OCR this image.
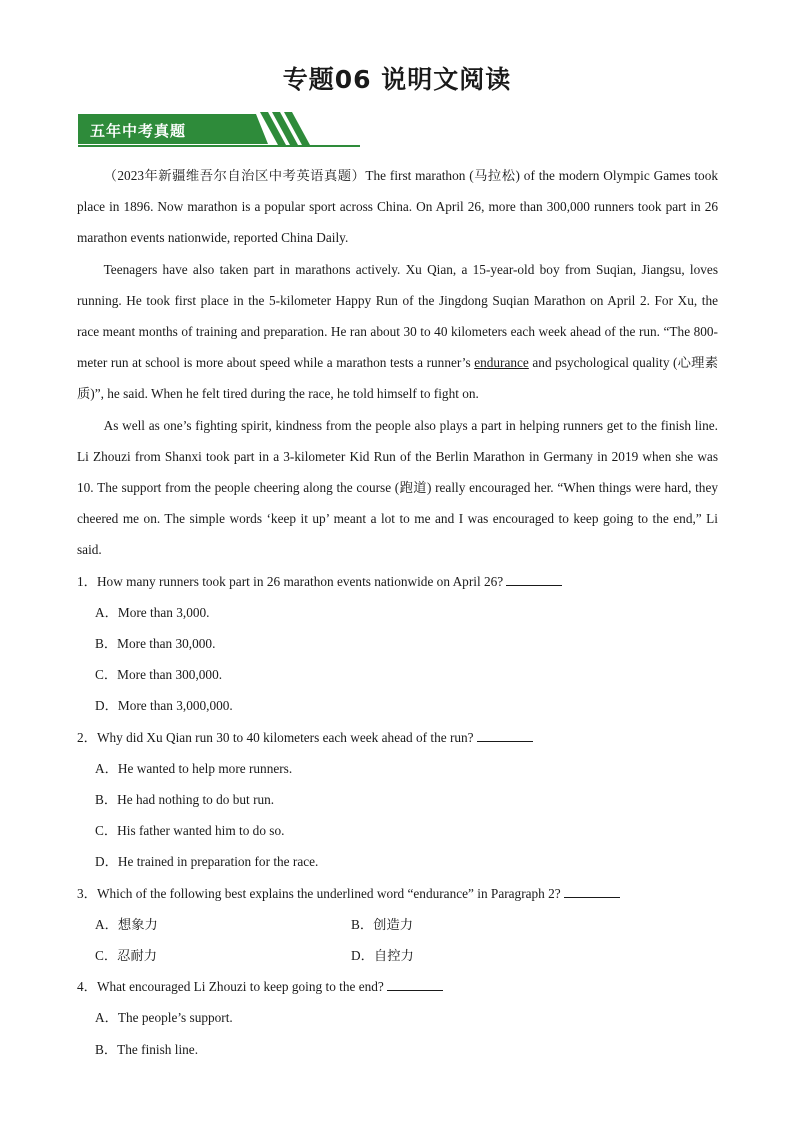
专题06 说明文阅读
五年中考真题

（2023年新疆维吾尔自治区中考英语真题）The first marathon (马拉松) of the modern Olympic Games took place in 1896. Now marathon is a popular sport across China. On April 26, more than 300,000 runners took part in 26 marathon events nationwide, reported China Daily.

Teenagers have also taken part in marathons actively. Xu Qian, a 15-year-old boy from Suqian, Jiangsu, loves running. He took first place in the 5-kilometer Happy Run of the Jingdong Suqian Marathon on April 2. For Xu, the race meant months of training and preparation. He ran about 30 to 40 kilometers each week ahead of the run. “The 800-meter run at school is more about speed while a marathon tests a runner’s endurance and psychological quality (心理素质)”, he said. When he felt tired during the race, he told himself to fight on.

As well as one’s fighting spirit, kindness from the people also plays a part in helping runners get to the finish line. Li Zhouzi from Shanxi took part in a 3-kilometer Kid Run of the Berlin Marathon in Germany in 2019 when she was 10. The support from the people cheering along the course (跑道) really encouraged her. “When things were hard, they cheered me on. The simple words ‘keep it up’ meant a lot to me and I was encouraged to keep going to the end,” Li said.

1．How many runners took part in 26 marathon events nationwide on April 26?

A．More than 3,000.

B．More than 30,000.

C．More than 300,000.

D．More than 3,000,000.

2．Why did Xu Qian run 30 to 40 kilometers each week ahead of the run?

A．He wanted to help more runners.

B．He had nothing to do but run.

C．His father wanted him to do so.

D．He trained in preparation for the race.

3．Which of the following best explains the underlined word “endurance” in Paragraph 2?

A．想象力	B．创造力
C．忍耐力	D．自控力

4．What encouraged Li Zhouzi to keep going to the end?

A．The people’s support.

B．The finish line.
